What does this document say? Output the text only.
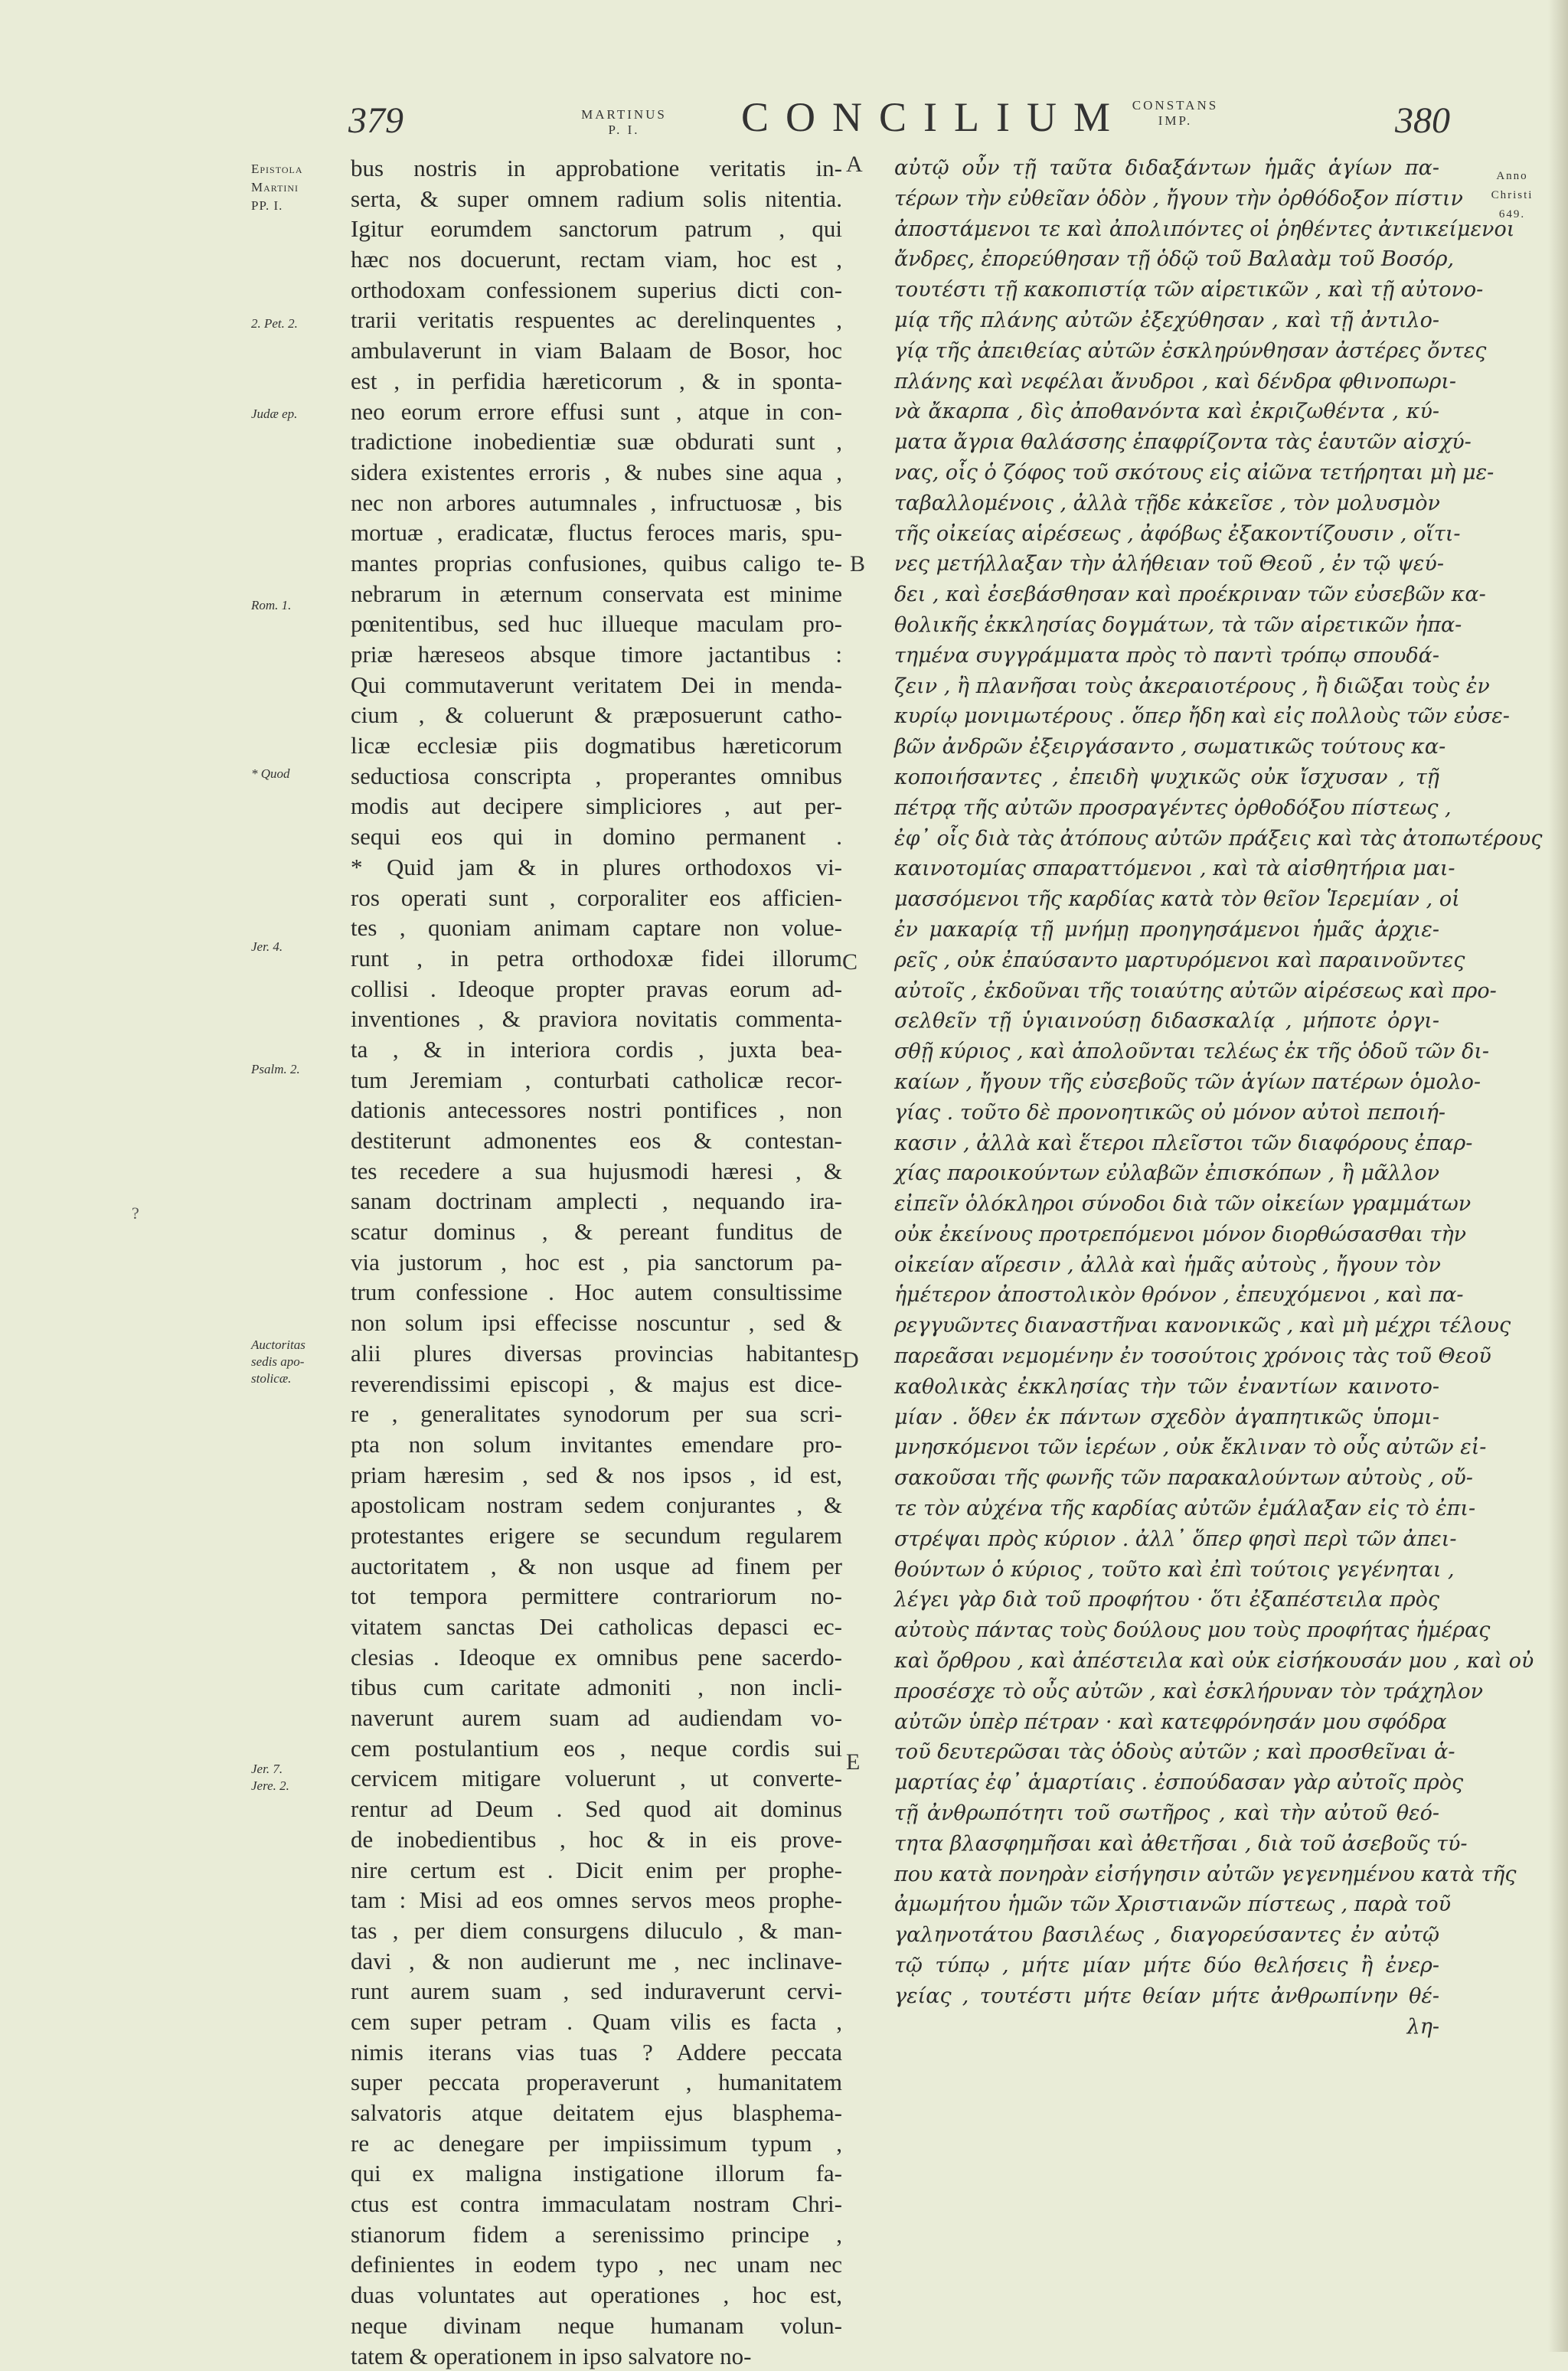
379	MARTINUS
P. I.	CONCILIUM CONSTANS
IMP.	380
Anno
Christi
649.
Epistola
Martini
PP. I.
2. Pet. 2.
Judæ ep.
Rom. 1.
* Quod
Jer. 4.
Psalm. 2.
Auctoritas
sedis apo-
stolicæ.
Jer. 7.
Jere. 2.
?
A
B
C
D
E
bus nostris in approbatione veritatis in-
serta, & super omnem radium solis nitentia.
Igitur eorumdem sanctorum patrum , qui
hæc nos docuerunt, rectam viam, hoc est ,
orthodoxam confessionem superius dicti con-
trarii veritatis respuentes ac derelinquentes ,
ambulaverunt in viam Balaam de Bosor, hoc
est , in perfidia hæreticorum , & in sponta-
neo eorum errore effusi sunt , atque in con-
tradictione inobedientiæ suæ obdurati sunt ,
sidera existentes erroris , & nubes sine aqua ,
nec non arbores autumnales , infructuosæ , bis
mortuæ , eradicatæ, fluctus feroces maris, spu-
mantes proprias confusiones, quibus caligo te-
nebrarum in æternum conservata est minime
pœnitentibus, sed huc illueque maculam pro-
priæ hæreseos absque timore jactantibus :
Qui commutaverunt veritatem Dei in menda-
cium , & coluerunt & præposuerunt catho-
licæ ecclesiæ piis dogmatibus hæreticorum
seductiosa conscripta , properantes omnibus
modis aut decipere simpliciores , aut per-
sequi eos qui in domino permanent .
* Quid jam & in plures orthodoxos vi-
ros operati sunt , corporaliter eos afficien-
tes , quoniam animam captare non volue-
runt , in petra orthodoxæ fidei illorum
collisi . Ideoque propter pravas eorum ad-
inventiones , & praviora novitatis commenta-
ta , & in interiora cordis , juxta bea-
tum Jeremiam , conturbati catholicæ recor-
dationis antecessores nostri pontifices , non
destiterunt admonentes eos & contestan-
tes recedere a sua hujusmodi hæresi , &
sanam doctrinam amplecti , nequando ira-
scatur dominus , & pereant funditus de
via justorum , hoc est , pia sanctorum pa-
trum confessione . Hoc autem consultissime
non solum ipsi effecisse noscuntur , sed &
alii plures diversas provincias habitantes
reverendissimi episcopi , & majus est dice-
re , generalitates synodorum per sua scri-
pta non solum invitantes emendare pro-
priam hæresim , sed & nos ipsos , id est,
apostolicam nostram sedem conjurantes , &
protestantes erigere se secundum regularem
auctoritatem , & non usque ad finem per
tot tempora permittere contrariorum no-
vitatem sanctas Dei catholicas depasci ec-
clesias . Ideoque ex omnibus pene sacerdo-
tibus cum caritate admoniti , non incli-
naverunt aurem suam ad audiendam vo-
cem postulantium eos , neque cordis sui
cervicem mitigare voluerunt , ut converte-
rentur ad Deum . Sed quod ait dominus
de inobedientibus , hoc & in eis prove-
nire certum est . Dicit enim per prophe-
tam : Misi ad eos omnes servos meos prophe-
tas , per diem consurgens diluculo , & man-
davi , & non audierunt me , nec inclinave-
runt aurem suam , sed induraverunt cervi-
cem super petram . Quam vilis es facta ,
nimis iterans vias tuas ? Addere peccata
super peccata properaverunt , humanitatem
salvatoris atque deitatem ejus blasphema-
re ac denegare per impiissimum typum ,
qui ex maligna instigatione illorum fa-
ctus est contra immaculatam nostram Chri-
stianorum fidem a serenissimo principe ,
definientes in eodem typo , nec unam nec
duas voluntates aut operationes , hoc est,
neque divinam neque humanam volun-
tatem & operationem in ipso salvatore no-
αὐτῷ οὖν τῇ ταῦτα διδαξάντων ἡμᾶς ἁγίων πα-
τέρων τὴν εὐθεῖαν ὁδὸν , ἤγουν τὴν ὀρθόδοξον πίστιν
ἀποστάμενοι τε καὶ ἀπολιπόντες οἱ ῥηθέντες ἀντικείμενοι
ἄνδρες, ἐπορεύθησαν τῇ ὁδῷ τοῦ Βαλαὰμ τοῦ Βοσόρ,
τουτέστι τῇ κακοπιστίᾳ τῶν αἱρετικῶν , καὶ τῇ αὐτονο-
μίᾳ τῆς πλάνης αὐτῶν ἐξεχύθησαν , καὶ τῇ ἀντιλο-
γίᾳ τῆς ἀπειθείας αὐτῶν ἐσκληρύνθησαν ἀστέρες ὄντες
πλάνης καὶ νεφέλαι ἄνυδροι , καὶ δένδρα φθινοπωρι-
νὰ ἄκαρπα , δὶς ἀποθανόντα καὶ ἐκριζωθέντα , κύ-
ματα ἄγρια θαλάσσης ἐπαφρίζοντα τὰς ἑαυτῶν αἰσχύ-
νας, οἷς ὁ ζόφος τοῦ σκότους εἰς αἰῶνα τετήρηται μὴ με-
ταβαλλομένοις , ἀλλὰ τῇδε κἀκεῖσε , τὸν μολυσμὸν
τῆς οἰκείας αἱρέσεως , ἀφόβως ἐξακοντίζουσιν , οἵτι-
νες μετήλλαξαν τὴν ἀλήθειαν τοῦ Θεοῦ , ἐν τῷ ψεύ-
δει , καὶ ἐσεβάσθησαν καὶ προέκριναν τῶν εὐσεβῶν κα-
θολικῆς ἐκκλησίας δογμάτων, τὰ τῶν αἱρετικῶν ἠπα-
τημένα συγγράμματα πρὸς τὸ παντὶ τρόπῳ σπουδά-
ζειν , ἢ πλανῆσαι τοὺς ἀκεραιοτέρους , ἢ διῶξαι τοὺς ἐν
κυρίῳ μονιμωτέρους . ὅπερ ἤδη καὶ εἰς πολλοὺς τῶν εὐσε-
βῶν ἀνδρῶν ἐξειργάσαντο , σωματικῶς τούτους κα-
κοποιήσαντες , ἐπειδὴ ψυχικῶς οὐκ ἴσχυσαν , τῇ
πέτρᾳ τῆς αὐτῶν προσραγέντες ὀρθοδόξου πίστεως ,
ἐφ᾽ οἷς διὰ τὰς ἀτόπους αὐτῶν πράξεις καὶ τὰς ἀτοπωτέρους
καινοτομίας σπαραττόμενοι , καὶ τὰ αἰσθητήρια μαι-
μασσόμενοι τῆς καρδίας κατὰ τὸν θεῖον Ἱερεμίαν , οἱ
ἐν μακαρίᾳ τῇ μνήμῃ προηγησάμενοι ἡμᾶς ἀρχιε-
ρεῖς , οὐκ ἐπαύσαντο μαρτυρόμενοι καὶ παραινοῦντες
αὐτοῖς , ἐκδοῦναι τῆς τοιαύτης αὐτῶν αἱρέσεως καὶ προ-
σελθεῖν τῇ ὑγιαινούσῃ διδασκαλίᾳ , μήποτε ὀργι-
σθῇ κύριος , καὶ ἀπολοῦνται τελέως ἐκ τῆς ὁδοῦ τῶν δι-
καίων , ἤγουν τῆς εὐσεβοῦς τῶν ἁγίων πατέρων ὁμολο-
γίας . τοῦτο δὲ προνοητικῶς οὐ μόνον αὐτοὶ πεποιή-
κασιν , ἀλλὰ καὶ ἕτεροι πλεῖστοι τῶν διαφόρους ἐπαρ-
χίας παροικούντων εὐλαβῶν ἐπισκόπων , ἢ μᾶλλον
εἰπεῖν ὁλόκληροι σύνοδοι διὰ τῶν οἰκείων γραμμάτων
οὐκ ἐκείνους προτρεπόμενοι μόνον διορθώσασθαι τὴν
οἰκείαν αἵρεσιν , ἀλλὰ καὶ ἡμᾶς αὐτοὺς , ἤγουν τὸν
ἡμέτερον ἀποστολικὸν θρόνον , ἐπευχόμενοι , καὶ πα-
ρεγγυῶντες διαναστῆναι κανονικῶς , καὶ μὴ μέχρι τέλους
παρεᾶσαι νεμομένην ἐν τοσούτοις χρόνοις τὰς τοῦ Θεοῦ
καθολικὰς ἐκκλησίας τὴν τῶν ἐναντίων καινοτο-
μίαν . ὅθεν ἐκ πάντων σχεδὸν ἀγαπητικῶς ὑπομι-
μνησκόμενοι τῶν ἱερέων , οὐκ ἔκλιναν τὸ οὖς αὐτῶν εἰ-
σακοῦσαι τῆς φωνῆς τῶν παρακαλούντων αὐτοὺς , οὔ-
τε τὸν αὐχένα τῆς καρδίας αὐτῶν ἐμάλαξαν εἰς τὸ ἐπι-
στρέψαι πρὸς κύριον . ἀλλ᾽ ὅπερ φησὶ περὶ τῶν ἀπει-
θούντων ὁ κύριος , τοῦτο καὶ ἐπὶ τούτοις γεγένηται ,
λέγει γὰρ διὰ τοῦ προφήτου · ὅτι ἐξαπέστειλα πρὸς
αὐτοὺς πάντας τοὺς δούλους μου τοὺς προφήτας ἡμέρας
καὶ ὄρθρου , καὶ ἀπέστειλα καὶ οὐκ εἰσήκουσάν μου , καὶ οὐ
προσέσχε τὸ οὖς αὐτῶν , καὶ ἐσκλήρυναν τὸν τράχηλον
αὐτῶν ὑπὲρ πέτραν · καὶ κατεφρόνησάν μου σφόδρα
τοῦ δευτερῶσαι τὰς ὁδοὺς αὐτῶν ; καὶ προσθεῖναι ἁ-
μαρτίας ἐφ᾽ ἁμαρτίαις . ἐσπούδασαν γὰρ αὐτοῖς πρὸς
τῇ ἀνθρωπότητι τοῦ σωτῆρος , καὶ τὴν αὐτοῦ θεό-
τητα βλασφημῆσαι καὶ ἀθετῆσαι , διὰ τοῦ ἀσεβοῦς τύ-
που κατὰ πονηρὰν εἰσήγησιν αὐτῶν γεγενημένου κατὰ τῆς
ἀμωμήτου ἡμῶν τῶν Χριστιανῶν πίστεως , παρὰ τοῦ
γαληνοτάτου βασιλέως , διαγορεύσαντες ἐν αὐτῷ
τῷ τύπῳ , μήτε μίαν μήτε δύο θελήσεις ἢ ἐνερ-
γείας , τουτέστι μήτε θείαν μήτε ἀνθρωπίνην θέ-
λη-
